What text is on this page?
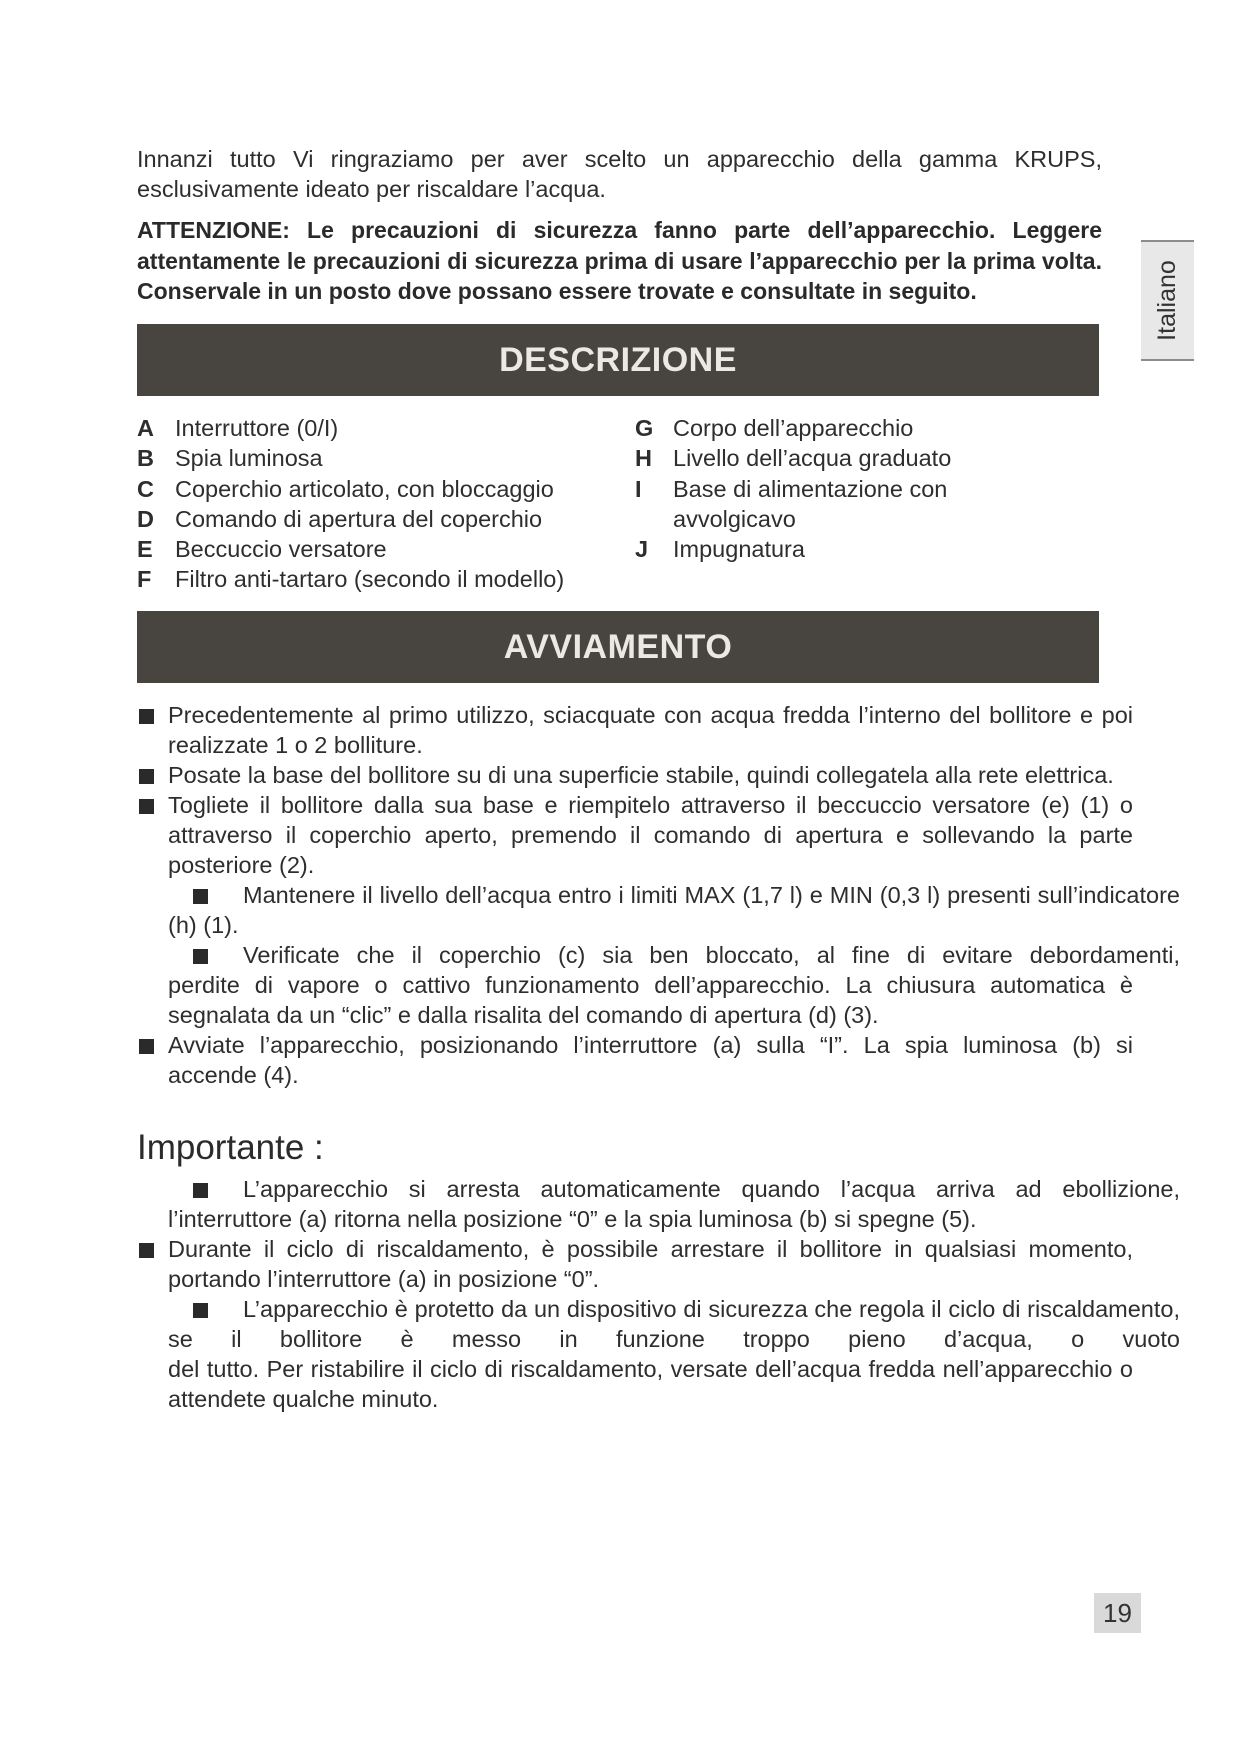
Innanzi tutto Vi ringraziamo per aver scelto un apparecchio della gamma KRUPS, esclusivamente ideato per riscaldare l’acqua.

ATTENZIONE: Le precauzioni di sicurezza fanno parte dell’apparecchio. Leggere attentamente le precauzioni di sicurezza prima di usare l’apparecchio per la prima volta. Conservale in un posto dove possano essere trovate e consultate in seguito.	Italiano
DESCRIZIONE
A Interruttore (0/I)
B Spia luminosa
C Coperchio articolato, con bloccaggio
D Comando di apertura del coperchio
E Beccuccio versatore
F	Filtro anti-tartaro (secondo il modello)
G Corpo dell’apparecchio
H Livello dell’acqua graduato
I	Base di alimentazione con
avvolgicavo
J	Impugnatura
AVVIAMENTO

Precedentemente al primo utilizzo, sciacquate con acqua fredda l’interno del bollitore e poi realizzate 1 o 2 bolliture.

Posate la base del bollitore su di una superficie stabile, quindi collegatela alla rete elettrica.

Togliete il bollitore dalla sua base e riempitelo attraverso il beccuccio versatore (e) (1) o attraverso il coperchio aperto, premendo il comando di apertura e sollevando la parte posteriore (2).

Mantenere il livello dell’acqua entro i limiti MAX (1,7 l) e MIN (0,3 l) presenti sull’indicatore (h) (1).

Verificate che il coperchio (c) sia ben bloccato, al fine di evitare debordamenti,

perdite di vapore o cattivo funzionamento dell’apparecchio. La chiusura automatica è segnalata da un “clic” e dalla risalita del comando di apertura (d) (3).

Avviate l’apparecchio, posizionando l’interruttore (a) sulla “I”. La spia luminosa (b) si accende (4).

Importante :

L’apparecchio si arresta automaticamente quando l’acqua arriva ad ebollizione, l’interruttore (a) ritorna nella posizione “0” e la spia luminosa (b) si spegne (5).

Durante il ciclo di riscaldamento, è possibile arrestare il bollitore in qualsiasi momento, portando l’interruttore (a) in posizione “0”.

L’apparecchio è protetto da un dispositivo di sicurezza che regola il ciclo di riscaldamento, se il bollitore è messo in funzione troppo pieno d’acqua, o vuoto

del tutto. Per ristabilire il ciclo di riscaldamento, versate dell’acqua fredda nell’apparecchio o attendete qualche minuto.

19
